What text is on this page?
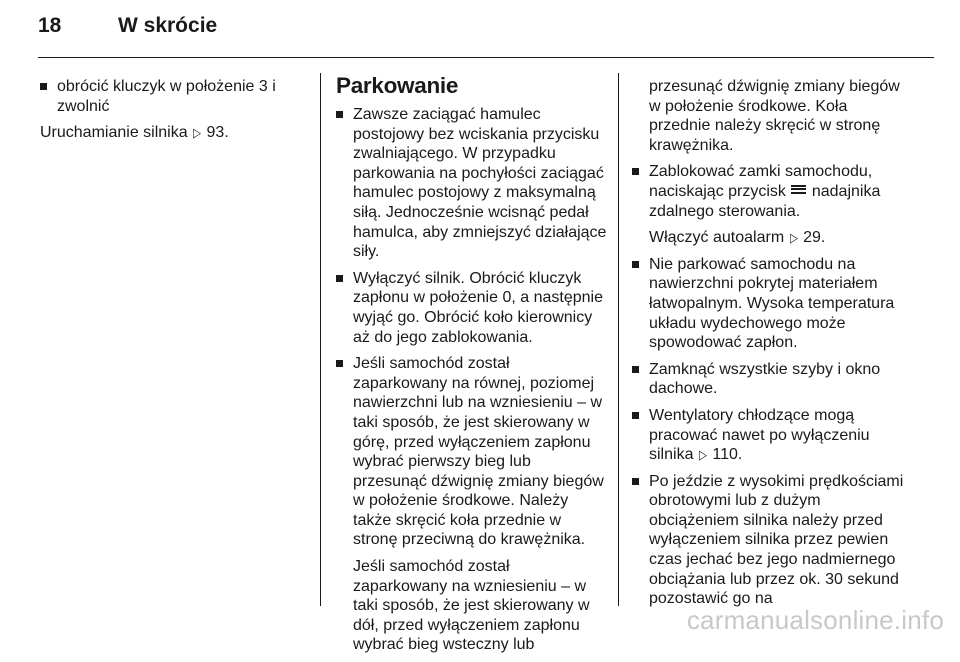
18	W skrócie
obrócić kluczyk w położenie 3 i zwolnić

Uruchamianie silnika ▷ 93.

Parkowanie
Zawsze zaciągać hamulec postojowy bez wciskania przycisku zwalniającego. W przypadku parkowania na pochyłości zaciągać hamulec postojowy z maksymalną siłą. Jednocześnie wcisnąć pedał hamulca, aby zmniejszyć działające siły.
Wyłączyć silnik. Obrócić kluczyk zapłonu w położenie 0, a następnie wyjąć go. Obrócić koło kierownicy aż do jego zablokowania.
Jeśli samochód został zaparkowany na równej, poziomej nawierzchni lub na wzniesieniu – w taki sposób, że jest skierowany w górę, przed wyłączeniem zapłonu wybrać pierwszy bieg lub przesunąć dźwignię zmiany biegów w położenie środkowe. Należy także skręcić koła przednie w stronę przeciwną do krawężnika.
Jeśli samochód został zaparkowany na wzniesieniu – w taki sposób, że jest skierowany w dół, przed wyłączeniem zapłonu wybrać bieg wsteczny lub

przesunąć dźwignię zmiany biegów w położenie środkowe. Koła przednie należy skręcić w stronę krawężnika.

Zablokować zamki samochodu, naciskając przycisk nadajnika zdalnego sterowania.
Włączyć autoalarm ▷ 29.
Nie parkować samochodu na nawierzchni pokrytej materiałem łatwopalnym. Wysoka temperatura układu wydechowego może spowodować zapłon.
Zamknąć wszystkie szyby i okno dachowe.
Wentylatory chłodzące mogą pracować nawet po wyłączeniu silnika ▷ 110.
Po jeździe z wysokimi prędkościami obrotowymi lub z dużym obciążeniem silnika należy przed wyłączeniem silnika przez pewien czas jechać bez jego nadmiernego obciążania lub przez ok. 30 sekund pozostawić go na
carmanualsonline.info
